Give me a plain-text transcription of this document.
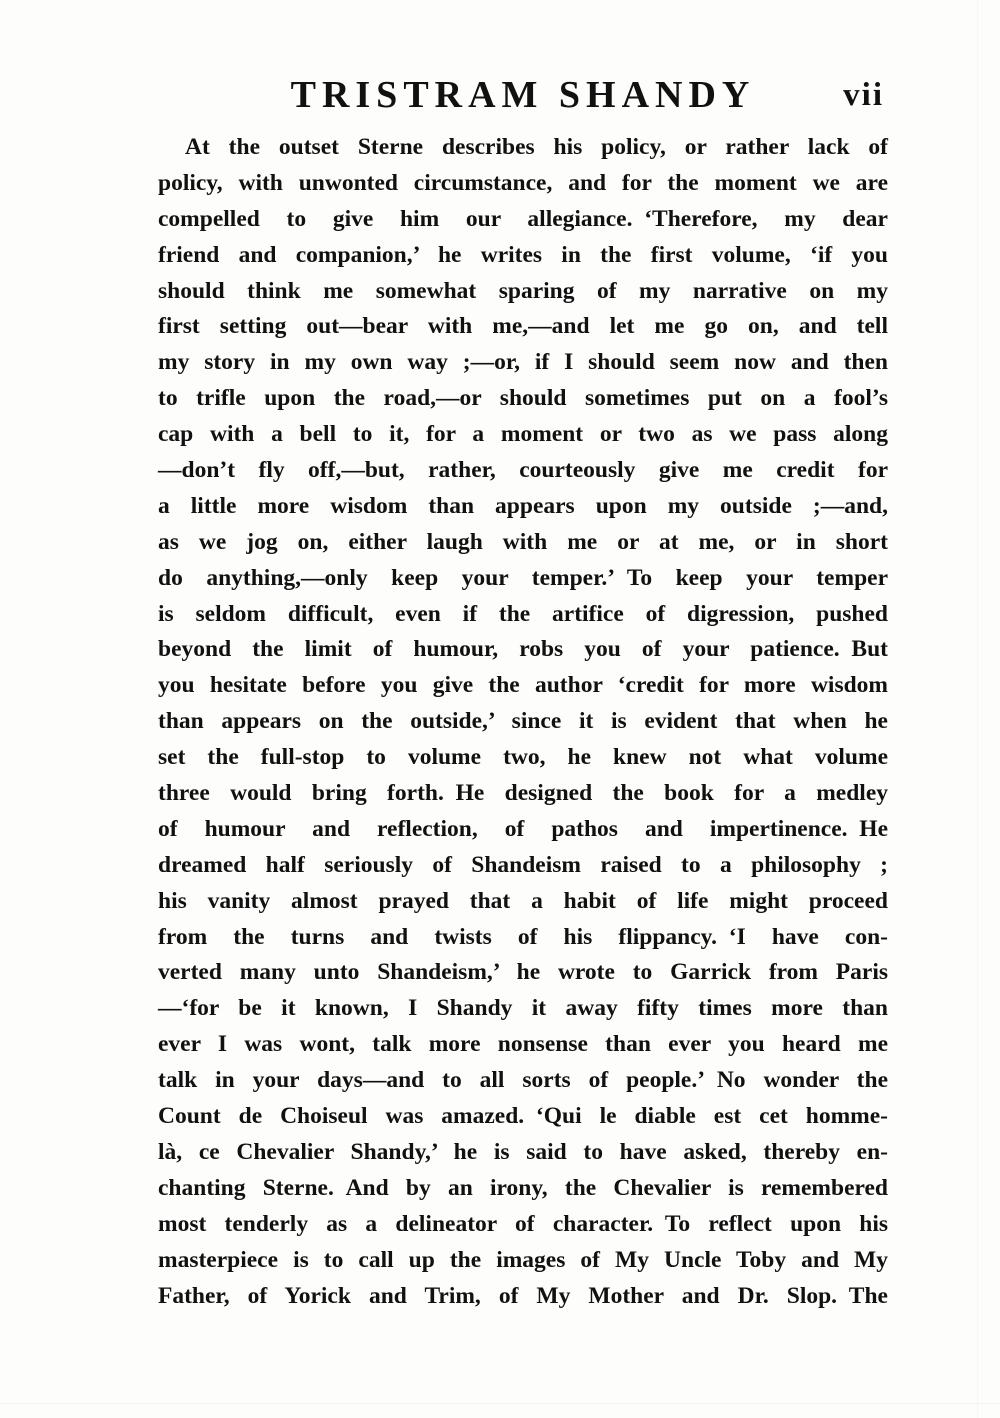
TRISTRAM SHANDY	vii
At the outset Sterne describes his policy, or rather lack of
policy, with unwonted circumstance, and for the moment we are
compelled to give him our allegiance. ‘Therefore, my dear
friend and companion,’ he writes in the first volume, ‘if you
should think me somewhat sparing of my narrative on my
first setting out—bear with me,—and let me go on, and tell
my story in my own way ;—or, if I should seem now and then
to trifle upon the road,—or should sometimes put on a fool’s
cap with a bell to it, for a moment or two as we pass along
—don’t fly off,—but, rather, courteously give me credit for
a little more wisdom than appears upon my outside ;—and,
as we jog on, either laugh with me or at me, or in short
do anything,—only keep your temper.’ To keep your temper
is seldom difficult, even if the artifice of digression, pushed
beyond the limit of humour, robs you of your patience. But
you hesitate before you give the author ‘credit for more wisdom
than appears on the outside,’ since it is evident that when he
set the full-stop to volume two, he knew not what volume
three would bring forth. He designed the book for a medley
of humour and reflection, of pathos and impertinence. He
dreamed half seriously of Shandeism raised to a philosophy ;
his vanity almost prayed that a habit of life might proceed
from the turns and twists of his flippancy. ‘I have con-
verted many unto Shandeism,’ he wrote to Garrick from Paris
—‘for be it known, I Shandy it away fifty times more than
ever I was wont, talk more nonsense than ever you heard me
talk in your days—and to all sorts of people.’ No wonder the
Count de Choiseul was amazed. ‘Qui le diable est cet homme-
là, ce Chevalier Shandy,’ he is said to have asked, thereby en-
chanting Sterne. And by an irony, the Chevalier is remembered
most tenderly as a delineator of character. To reflect upon his
masterpiece is to call up the images of My Uncle Toby and My
Father, of Yorick and Trim, of My Mother and Dr. Slop. The
